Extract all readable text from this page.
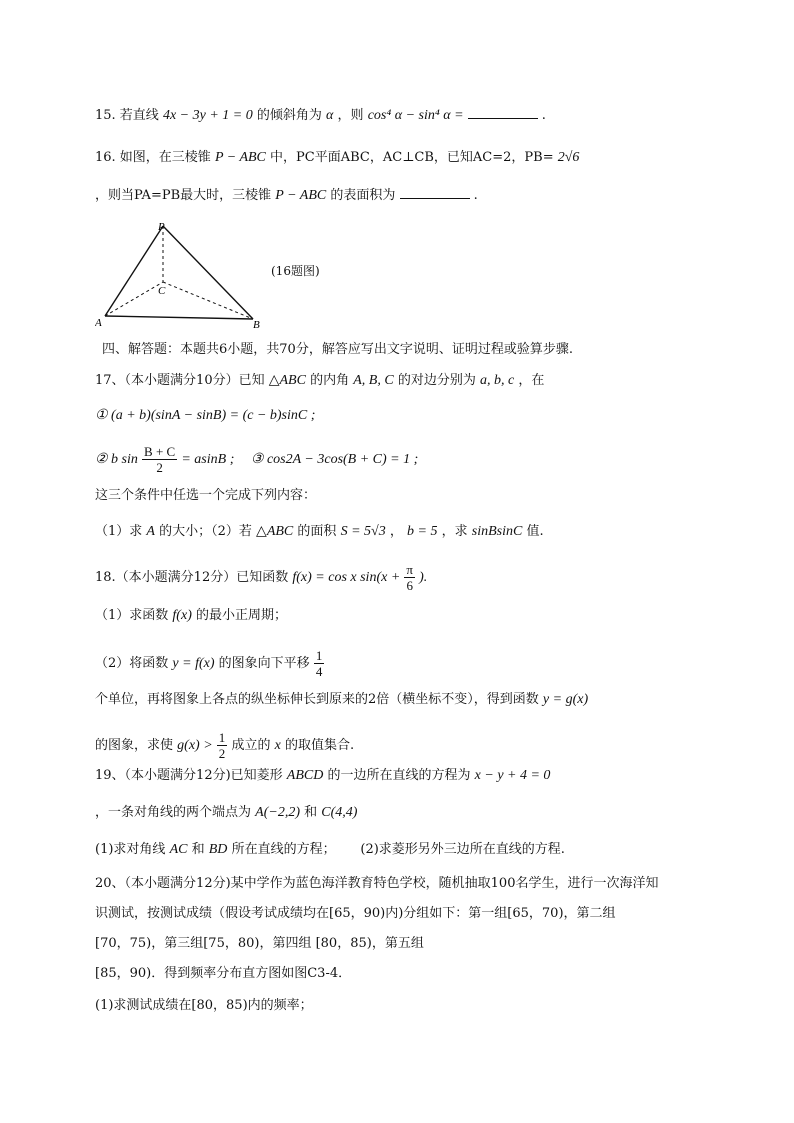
15. 若直线 4x − 3y + 1 = 0 的倾斜角为 α ，则 cos⁴ α − sin⁴ α =	.
16. 如图，在三棱锥 P − ABC 中，PC平面ABC，AC⊥CB，已知AC=2，PB= 2√6
，则当PA=PB最大时，三棱锥 P − ABC 的表面积为	.
P
C
A	B
(16题图)
四、解答题：本题共6小题，共70分，解答应写出文字说明、证明过程或验算步骤.
17、（本小题满分10分）已知 △ABC 的内角 A, B, C 的对边分别为 a, b, c ，在
① (a + b)(sinA − sinB) = (c − b)sinC ;
② b $\sin \frac{B + C}{2} = asinB$ ; ③ cos2A − 3cos(B + C) = 1 ;
这三个条件中任选一个完成下列内容：
（1）求 A 的大小；（2）若 △ABC 的面积 S = 5√3 ， b = 5 ，求 sinBsinC 值.
18.（本小题满分12分）已知函数 f(x) = cos x $\sin(x + \frac{\pi}{6}$ ).
（1）求函数 f(x) 的最小正周期；
（2）将函数 y = f(x) 的图象向下平移 $\frac{1}{4}$
个单位，再将图象上各点的纵坐标伸长到原来的2倍（横坐标不变），得到函数 y = g(x)
的图象，求使 $g(x) > \frac{1}{2}$ 成立的 x 的取值集合.
19、（本小题满分12分)已知菱形 ABCD 的一边所在直线的方程为 x − y + 4 = 0
，一条对角线的两个端点为 A(−2,2) 和 C(4,4)
(1)求对角线 AC 和 BD 所在直线的方程； (2)求菱形另外三边所在直线的方程.
20、（本小题满分12分)某中学作为蓝色海洋教育特色学校，随机抽取100名学生，进行一次海洋知
识测试，按测试成绩（假设考试成绩均在[65，90)内)分组如下：第一组[65，70)，第二组
[70，75)，第三组[75，80)，第四组 [80，85)，第五组
[85，90)．得到频率分布直方图如图C3-4．
(1)求测试成绩在[80，85)内的频率；
